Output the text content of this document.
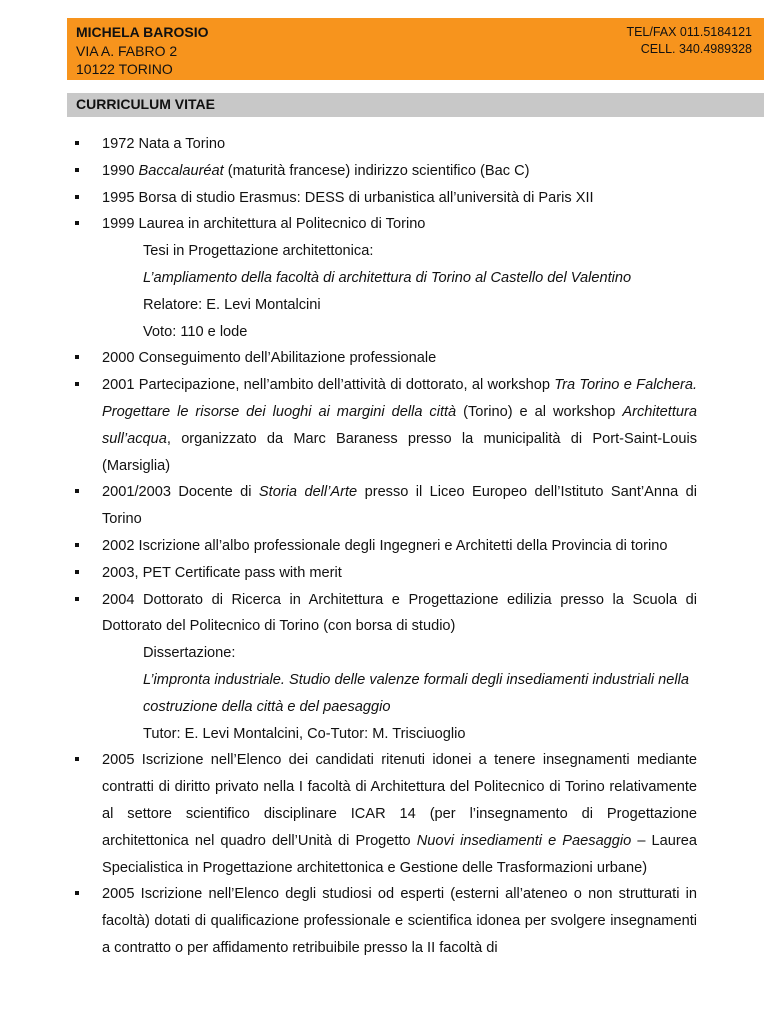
MICHELA BAROSIO
VIA A. FABRO 2
10122 TORINO
TEL/FAX 011.5184121
CELL. 340.4989328
CURRICULUM VITAE
1972 Nata a Torino
1990 Baccalauréat (maturità francese) indirizzo scientifico (Bac C)
1995 Borsa di studio Erasmus: DESS di urbanistica all’università di Paris XII
1999 Laurea in architettura al Politecnico di Torino
Tesi in Progettazione architettonica:
L’ampliamento della facoltà di architettura di Torino al Castello del Valentino
Relatore: E. Levi Montalcini
Voto: 110 e lode
2000 Conseguimento dell’Abilitazione professionale
2001 Partecipazione, nell’ambito dell’attività di dottorato, al workshop Tra Torino e Falchera. Progettare le risorse dei luoghi ai margini della città (Torino) e al workshop Architettura sull’acqua, organizzato da Marc Baraness presso la municipalità di Port-Saint-Louis (Marsiglia)
2001/2003 Docente di Storia dell’Arte presso il Liceo Europeo dell’Istituto Sant’Anna di Torino
2002 Iscrizione all’albo professionale degli Ingegneri e Architetti della Provincia di torino
2003, PET Certificate pass with merit
2004 Dottorato di Ricerca in Architettura e Progettazione edilizia presso la Scuola di Dottorato del Politecnico di Torino (con borsa di studio)
Dissertazione:
L’impronta industriale. Studio delle valenze formali degli insediamenti industriali nella costruzione della città e del paesaggio
Tutor: E. Levi Montalcini, Co-Tutor: M. Trisciuoglio
2005 Iscrizione nell’Elenco dei candidati ritenuti idonei a tenere insegnamenti mediante contratti di diritto privato nella I facoltà di Architettura del Politecnico di Torino relativamente al settore scientifico disciplinare ICAR 14 (per l’insegnamento di Progettazione architettonica nel quadro dell’Unità di Progetto Nuovi insediamenti e Paesaggio – Laurea Specialistica in Progettazione architettonica e Gestione delle Trasformazioni urbane)
2005 Iscrizione nell’Elenco degli studiosi od esperti (esterni all’ateneo o non strutturati in facoltà) dotati di qualificazione professionale e scientifica idonea per svolgere insegnamenti a contratto o per affidamento retribuibile presso la II facoltà di
